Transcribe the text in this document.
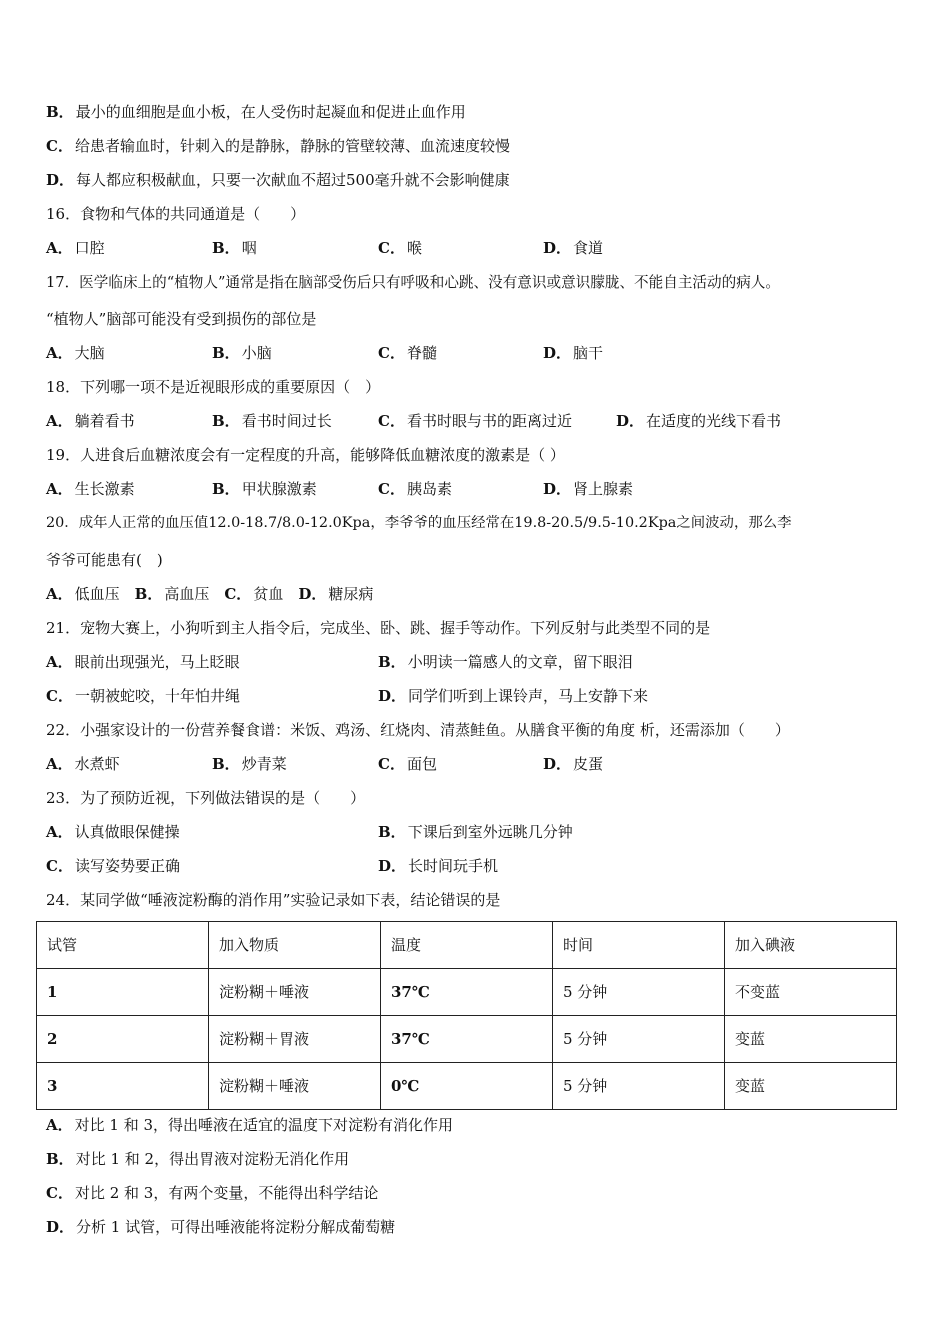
B． 最小的血细胞是血小板，在人受伤时起凝血和促进止血作用
C． 给患者输血时，针刺入的是静脉，静脉的管壁较薄、血流速度较慢
D． 每人都应积极献血，只要一次献血不超过500毫升就不会影响健康
16．食物和气体的共同通道是（　　）
A． 口腔	B． 咽	C． 喉	D． 食道
17．医学临床上的“植物人”通常是指在脑部受伤后只有呼吸和心跳、没有意识或意识朦胧、不能自主活动的病人。
“植物人”脑部可能没有受到损伤的部位是
A． 大脑	B． 小脑	C． 脊髓	D． 脑干
18．下列哪一项不是近视眼形成的重要原因（　）
A． 躺着看书	B． 看书时间过长	C． 看书时眼与书的距离过近	D． 在适度的光线下看书
19．人进食后血糖浓度会有一定程度的升高，能够降低血糖浓度的激素是（ ）
A． 生长激素	B． 甲状腺激素	C． 胰岛素	D． 肾上腺素
20．成年人正常的血压值12.0-18.7/8.0-12.0Kpa，李爷爷的血压经常在19.8-20.5/9.5-10.2Kpa之间波动，那么李
爷爷可能患有(　)
A． 低血压　B． 高血压　C． 贫血　D． 糖尿病
21．宠物大赛上，小狗听到主人指令后，完成坐、卧、跳、握手等动作。下列反射与此类型不同的是
A． 眼前出现强光，马上眨眼	B． 小明读一篇感人的文章，留下眼泪
C． 一朝被蛇咬，十年怕井绳	D． 同学们听到上课铃声，马上安静下来
22．小强家设计的一份营养餐食谱：米饭、鸡汤、红烧肉、清蒸鲑鱼。从膳食平衡的角度 析，还需添加（　　）
A． 水煮虾	B． 炒青菜	C． 面包	D． 皮蛋
23．为了预防近视，下列做法错误的是（　　）
A． 认真做眼保健操	B． 下课后到室外远眺几分钟
C． 读写姿势要正确	D． 长时间玩手机
24．某同学做“唾液淀粉酶的消作用”实验记录如下表，结论错误的是
试管	加入物质	温度	时间	加入碘液
1	淀粉糊＋唾液	37℃	5 分钟	不变蓝
2	淀粉糊＋胃液	37℃	5 分钟	变蓝
3	淀粉糊＋唾液	0℃	5 分钟	变蓝
A． 对比 1 和 3，得出唾液在适宜的温度下对淀粉有消化作用
B． 对比 1 和 2，得出胃液对淀粉无消化作用
C． 对比 2 和 3，有两个变量，不能得出科学结论
D． 分析 1 试管，可得出唾液能将淀粉分解成葡萄糖
